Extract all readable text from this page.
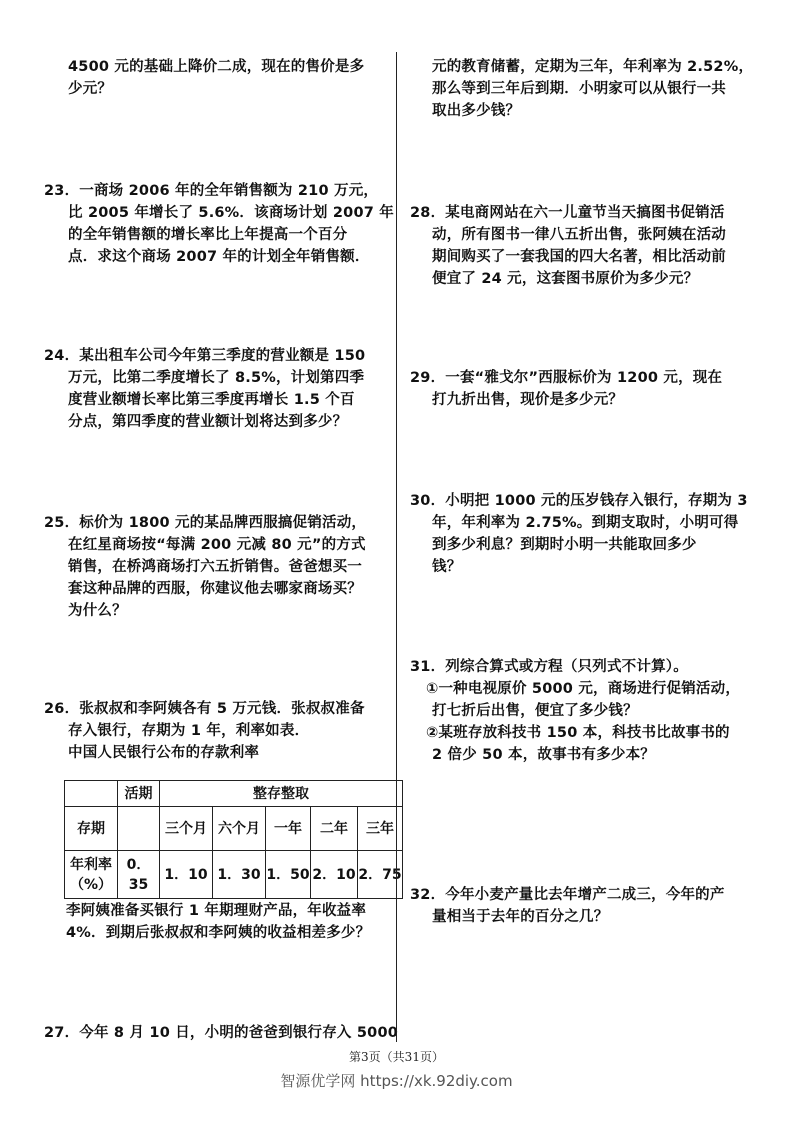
4500 元的基础上降价二成，现在的售价是多
少元？
23．一商场 2006 年的全年销售额为 210 万元，
比 2005 年增长了 5.6%．该商场计划 2007 年
的全年销售额的增长率比上年提高一个百分
点．求这个商场 2007 年的计划全年销售额．
24．某出租车公司今年第三季度的营业额是 150
万元，比第二季度增长了 8.5%，计划第四季
度营业额增长率比第三季度再增长 1.5 个百
分点，第四季度的营业额计划将达到多少？
25．标价为 1800 元的某品牌西服搞促销活动，
在红星商场按“每满 200 元减 80 元”的方式
销售，在桥鸿商场打六五折销售。爸爸想买一
套这种品牌的西服，你建议他去哪家商场买？
为什么？
26．张叔叔和李阿姨各有 5 万元钱．张叔叔准备
存入银行，存期为 1 年，利率如表．
中国人民银行公布的存款利率
	活期	整存整取				
存期		三个月	六个月	一年	二年	三年
年利率（%）	0．35	1．10	1．30	1．50	2．10	2．75
李阿姨准备买银行 1 年期理财产品，年收益率
4%．到期后张叔叔和李阿姨的收益相差多少？
27．今年 8 月 10 日，小明的爸爸到银行存入 5000
元的教育储蓄，定期为三年，年利率为 2.52%，
那么等到三年后到期．小明家可以从银行一共
取出多少钱？
28．某电商网站在六一儿童节当天搞图书促销活
动，所有图书一律八五折出售，张阿姨在活动
期间购买了一套我国的四大名著，相比活动前
便宜了 24 元，这套图书原价为多少元？
29．一套“雅戈尔”西服标价为 1200 元，现在
打九折出售，现价是多少元？
30．小明把 1000 元的压岁钱存入银行，存期为 3
年，年利率为 2.75%。到期支取时，小明可得
到多少利息？到期时小明一共能取回多少
钱？
31．列综合算式或方程（只列式不计算）。
①一种电视原价 5000 元，商场进行促销活动，
打七折后出售，便宜了多少钱？
②某班存放科技书 150 本，科技书比故事书的
2 倍少 50 本，故事书有多少本？
32．今年小麦产量比去年增产二成三，今年的产
量相当于去年的百分之几？
第3页（共31页）
智源优学网 https://xk.92diy.com
